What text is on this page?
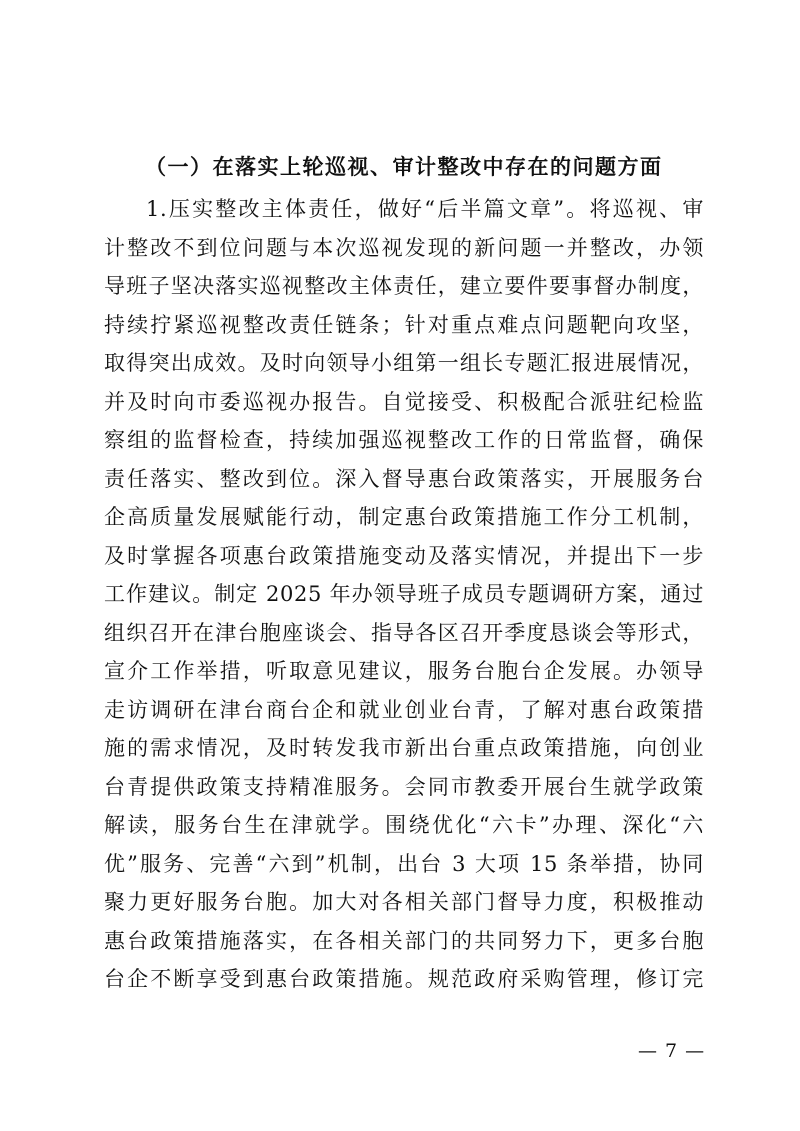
（一）在落实上轮巡视、审计整改中存在的问题方面
1.压实整改主体责任，做好“后半篇文章”。将巡视、审
计整改不到位问题与本次巡视发现的新问题一并整改，办领
导班子坚决落实巡视整改主体责任，建立要件要事督办制度，
持续拧紧巡视整改责任链条；针对重点难点问题靶向攻坚，
取得突出成效。及时向领导小组第一组长专题汇报进展情况，
并及时向市委巡视办报告。自觉接受、积极配合派驻纪检监
察组的监督检查，持续加强巡视整改工作的日常监督，确保
责任落实、整改到位。深入督导惠台政策落实，开展服务台
企高质量发展赋能行动，制定惠台政策措施工作分工机制，
及时掌握各项惠台政策措施变动及落实情况，并提出下一步
工作建议。制定 2025 年办领导班子成员专题调研方案，通过
组织召开在津台胞座谈会、指导各区召开季度恳谈会等形式，
宣介工作举措，听取意见建议，服务台胞台企发展。办领导
走访调研在津台商台企和就业创业台青，了解对惠台政策措
施的需求情况，及时转发我市新出台重点政策措施，向创业
台青提供政策支持精准服务。会同市教委开展台生就学政策
解读，服务台生在津就学。围绕优化“六卡”办理、深化“六
优”服务、完善“六到”机制，出台 3 大项 15 条举措，协同
聚力更好服务台胞。加大对各相关部门督导力度，积极推动
惠台政策措施落实，在各相关部门的共同努力下，更多台胞
台企不断享受到惠台政策措施。规范政府采购管理，修订完
— 7 —
